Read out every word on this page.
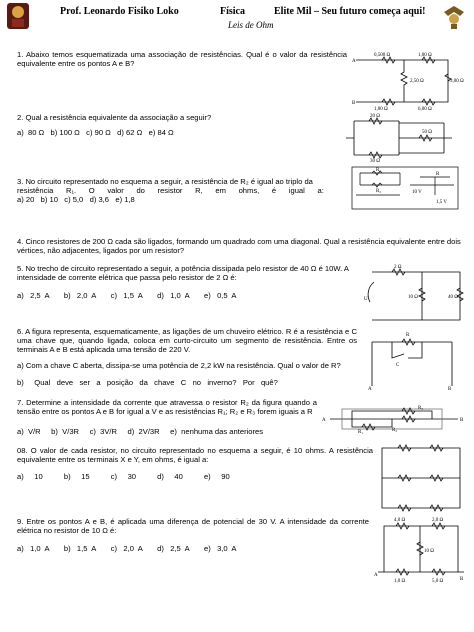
Prof. Leonardo Fisiko Loko	Física	Elite Mil – Seu futuro começa aqui!
Leis de Ohm
1. Abaixo temos esquematizada uma associação de resistências. Qual é o valor da resistência equivalente entre os pontos A e B?
0,500 Ω	1,00 Ω
2,50 Ω	3,00 Ω
1,00 Ω	6,00 Ω
A
B
2. Qual a resistência equivalente da associação a seguir?
a)  80 Ω   b) 100 Ω   c) 90 Ω   d) 62 Ω   e) 84 Ω
20 Ω
50 Ω
30 Ω
3. No circuito representado no esquema a seguir, a resistência de R₂ é igual ao triplo da
resistência      R₁.      O      valor      do      resistor      R,      em      ohms,      é      igual      a:
a) 20   b) 10   c) 5,0   d) 3,6   e) 1,8
R₁
R₂
R
10 V
1,5 V
4. Cinco resistores de 200 Ω cada são ligados, formando um quadrado com uma diagonal. Qual a resistência equivalente entre dois vértices, não adjacentes, ligados por um resistor?
5. No trecho de circuito representado a seguir, a potência dissipada pelo resistor de 40 Ω é 10W. A intensidade de corrente elétrica que passa pelo resistor de 2 Ω é:
a)   2,5  A       b)   2,0  A       c)   1,5  A       d)   1,0  A       e)   0,5  A
2 Ω
10 Ω	40 Ω
U
6. A figura representa, esquematicamente, as ligações de um chuveiro elétrico. R é a resistência e C uma chave que, quando ligada, coloca em curto-circuito um segmento de resistência. Entre os terminais A e B está aplicada uma tensão de 220 V.
a) Com a chave C aberta, dissipa-se uma potência de 2,2 kW na resistência. Qual o valor de R?
b)     Qual   deve   ser   a   posição   da   chave   C   no   inverno?   Por   quê?
R
C
A	B
7. Determine a intensidade da corrente que atravessa o resistor R₂ da figura quando a tensão entre os pontos A e B for igual a V e as resistências R₁; R₂ e R₃ forem iguais a R
a)  V/R     b)  V/3R     c)  3V/R     d)  2V/3R     e)  nenhuma das anteriores
R₃
R₁	R₂
A	B
08. O valor de cada resistor, no circuito representado no esquema a seguir, é 10 ohms. A resistência equivalente entre os terminais X e Y, em ohms, é igual a:
a)     10          b)     15          c)     30          d)     40          e)     90
9. Entre os pontos A e B, é aplicada uma diferença de potencial de 30 V. A intensidade da corrente elétrica no resistor de 10 Ω é:
a)   1,0  A       b)   1,5  A       c)   2,0  A       d)   2,5  A       e)   3,0  A
4,0 Ω	2,0 Ω
10 Ω
1,0 Ω	5,0 Ω
A
B
